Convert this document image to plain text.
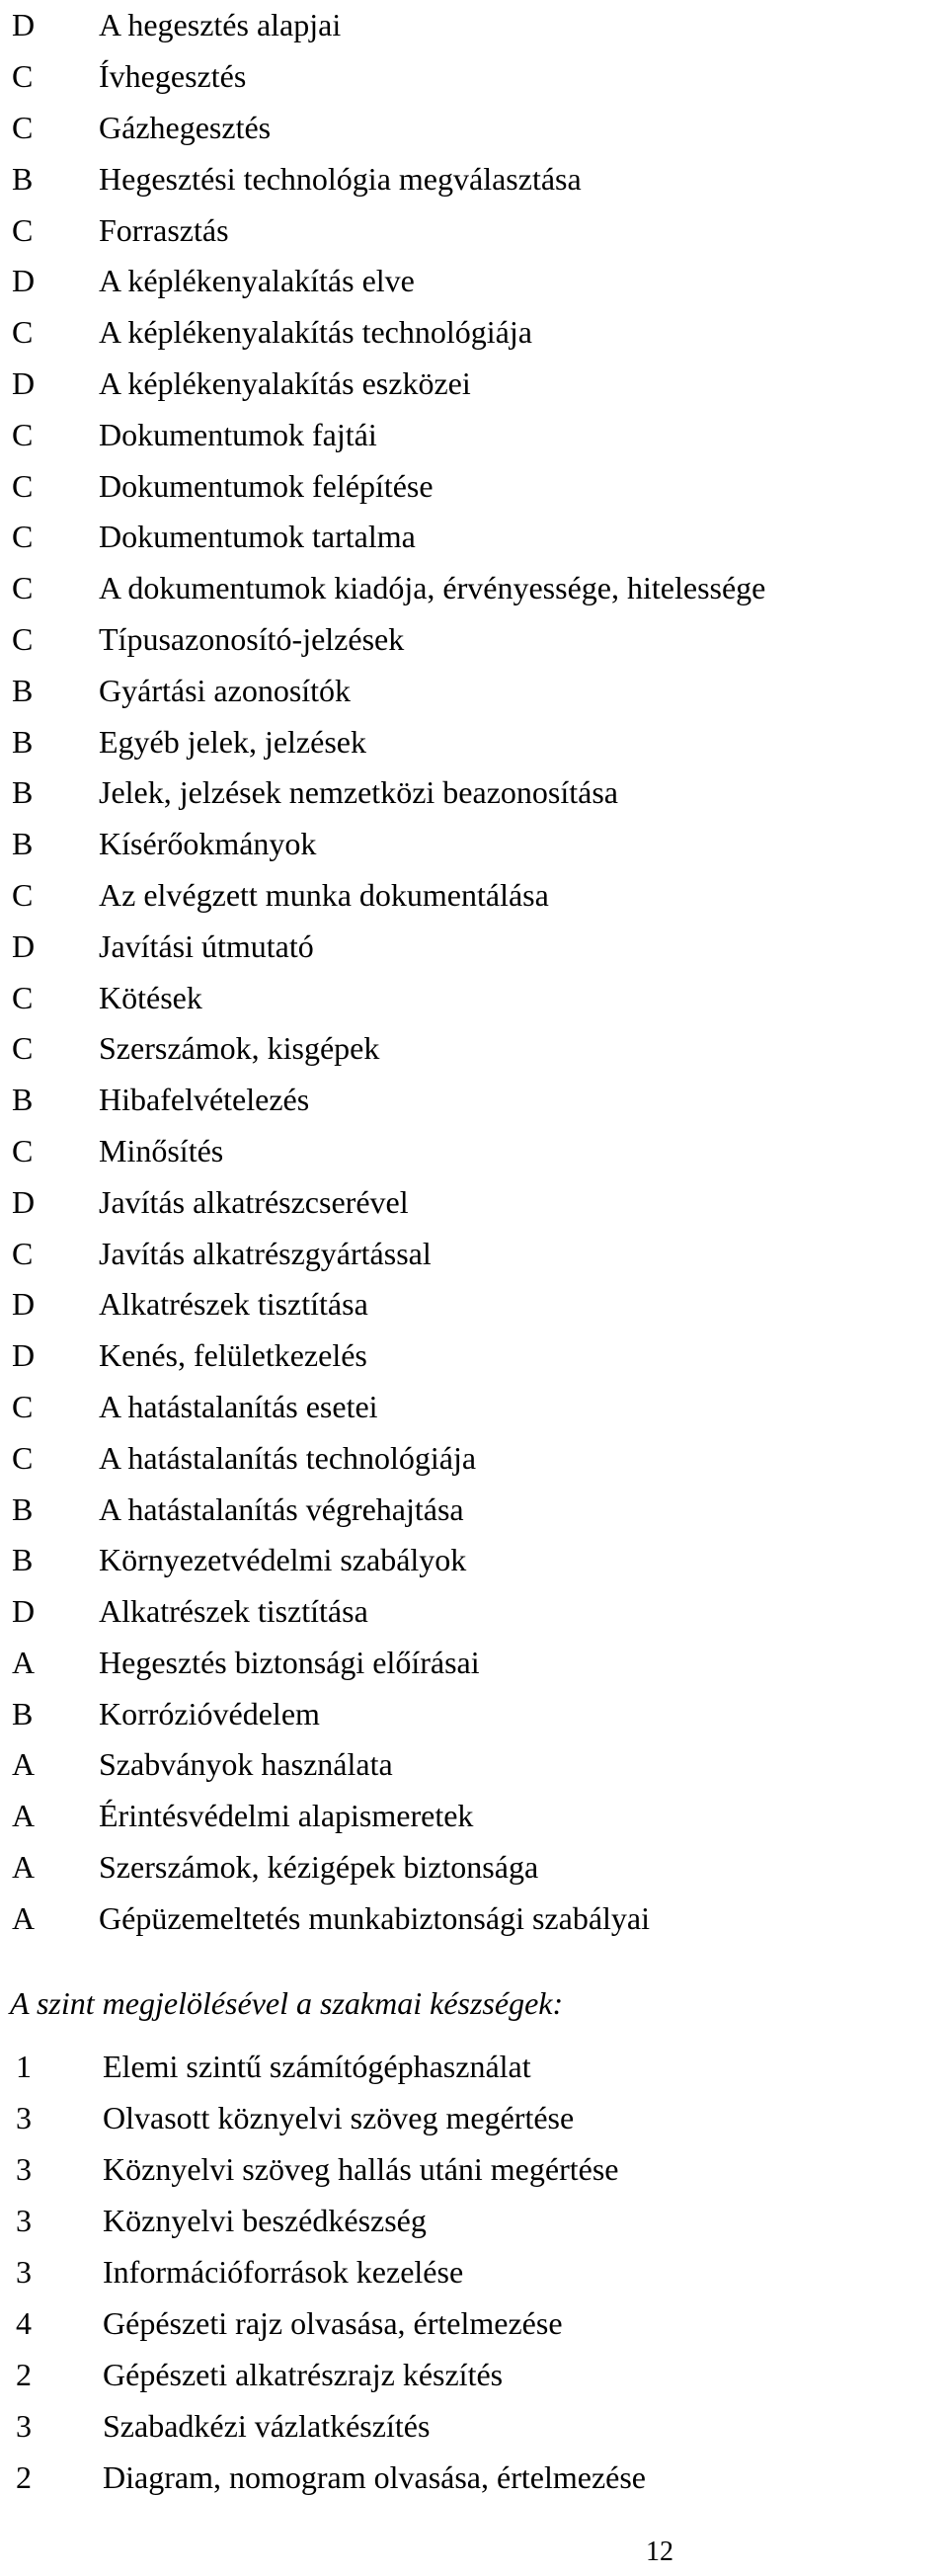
D	A hegesztés alapjai
C	Ívhegesztés
C	Gázhegesztés
B	Hegesztési technológia megválasztása
C	Forrasztás
D	A képlékenyalakítás elve
C	A képlékenyalakítás technológiája
D	A képlékenyalakítás eszközei
C	Dokumentumok fajtái
C	Dokumentumok felépítése
C	Dokumentumok tartalma
C	A dokumentumok kiadója, érvényessége, hitelessége
C	Típusazonosító-jelzések
B	Gyártási azonosítók
B	Egyéb jelek, jelzések
B	Jelek, jelzések nemzetközi beazonosítása
B	Kísérőokmányok
C	Az elvégzett munka dokumentálása
D	Javítási útmutató
C	Kötések
C	Szerszámok, kisgépek
B	Hibafelvételezés
C	Minősítés
D	Javítás alkatrészcserével
C	Javítás alkatrészgyártással
D	Alkatrészek tisztítása
D	Kenés, felületkezelés
C	A hatástalanítás esetei
C	A hatástalanítás technológiája
B	A hatástalanítás végrehajtása
B	Környezetvédelmi szabályok
D	Alkatrészek tisztítása
A	Hegesztés biztonsági előírásai
B	Korrózióvédelem
A	Szabványok használata
A	Érintésvédelmi alapismeretek
A	Szerszámok, kézigépek biztonsága
A	Gépüzemeltetés munkabiztonsági szabályai
A szint megjelölésével a szakmai készségek:
1	Elemi szintű számítógéphasználat
3	Olvasott köznyelvi szöveg megértése
3	Köznyelvi szöveg hallás utáni megértése
3	Köznyelvi beszédkészség
3	Információforrások kezelése
4	Gépészeti rajz olvasása, értelmezése
2	Gépészeti alkatrészrajz készítés
3	Szabadkézi vázlatkészítés
2	Diagram, nomogram olvasása, értelmezése
12
